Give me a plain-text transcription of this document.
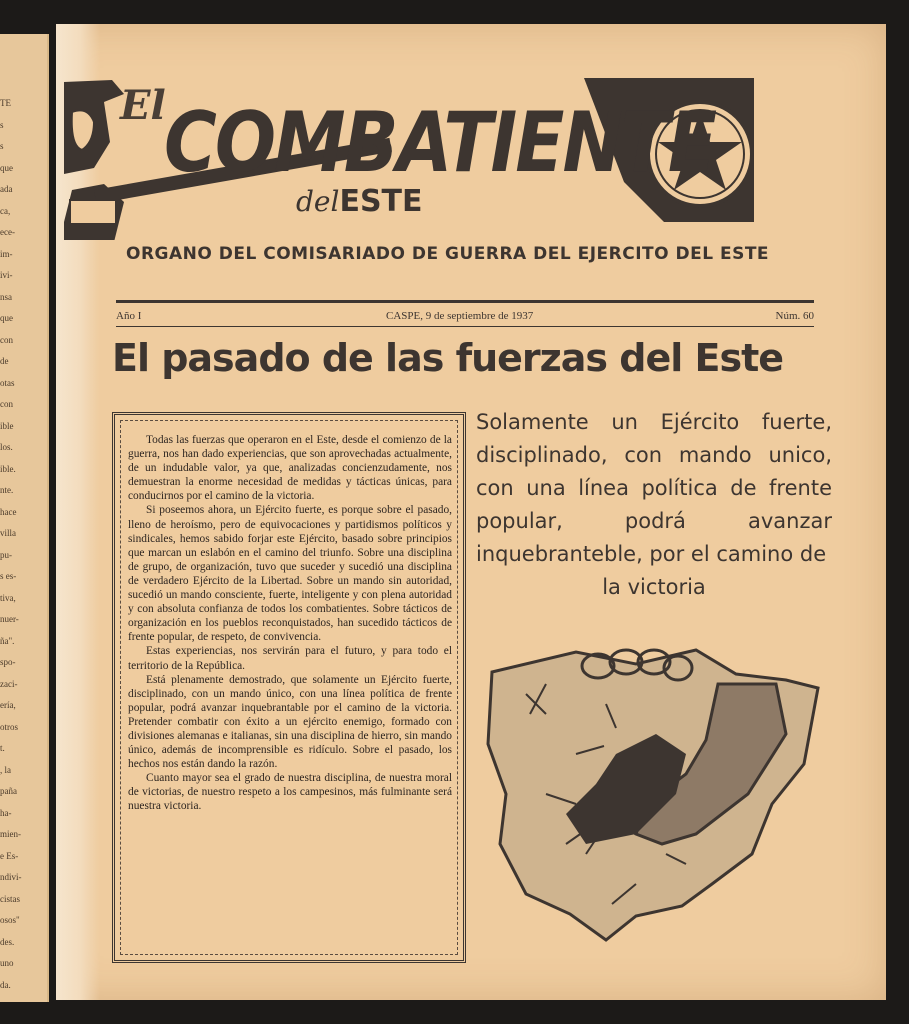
TE
s
s
que
ada
ca,
ece-
im-
ivi-
nsa
que
con
de
otas
con
ible
los.
ible.
nte.
hace
villa
pu-
s es-
tiva,
nuer-
ña".
spo-
zaci-
ería,
otros
t.
, la
paña
ha-
mien-
e Es-
ndivi-
cistas
osos"
des.
uno
da.
El
COMBATIENTE
delESTE
ORGANO DEL COMISARIADO DE GUERRA DEL EJERCITO DEL ESTE
Año I	CASPE, 9 de septiembre de 1937	Núm. 60
El pasado de las fuerzas del Este

Todas las fuerzas que operaron en el Este, desde el comienzo de la guerra, nos han dado experiencias, que son aprovechadas actualmente, de un indudable valor, ya que, analizadas concienzudamente, nos demuestran la enorme necesidad de medidas y tácticas únicas, para conducirnos por el camino de la victoria.

Si poseemos ahora, un Ejército fuerte, es porque sobre el pasado, lleno de heroísmo, pero de equivocaciones y partidismos políticos y sindicales, hemos sabido forjar este Ejército, basado sobre principios que marcan un eslabón en el camino del triunfo. Sobre una disciplina de grupo, de organización, tuvo que suceder y sucedió una disciplina de verdadero Ejército de la Libertad. Sobre un mando sin autoridad, sucedió un mando consciente, fuerte, inteligente y con plena autoridad y con absoluta confianza de todos los combatientes. Sobre tácticos de organización en los pueblos reconquistados, han sucedido tácticos de frente popular, de respeto, de convivencia.

Estas experiencias, nos servirán para el futuro, y para todo el territorio de la República.

Está plenamente demostrado, que solamente un Ejército fuerte, disciplinado, con un mando único, con una línea política de frente popular, podrá avanzar inquebrantable por el camino de la victoria. Pretender combatir con éxito a un ejército enemigo, formado con divisiones alemanas e italianas, sin una disciplina de hierro, sin mando único, además de incomprensible es ridículo. Sobre el pasado, los hechos nos están dando la razón.

Cuanto mayor sea el grado de nuestra disciplina, de nuestra moral de victorias, de nuestro respeto a los campesinos, más fulminante será nuestra victoria.

Solamente un Ejército fuerte, disciplinado, con mando unico, con una línea política de frente popular, podrá avanzar inquebranteble, por el camino de
la victoria
